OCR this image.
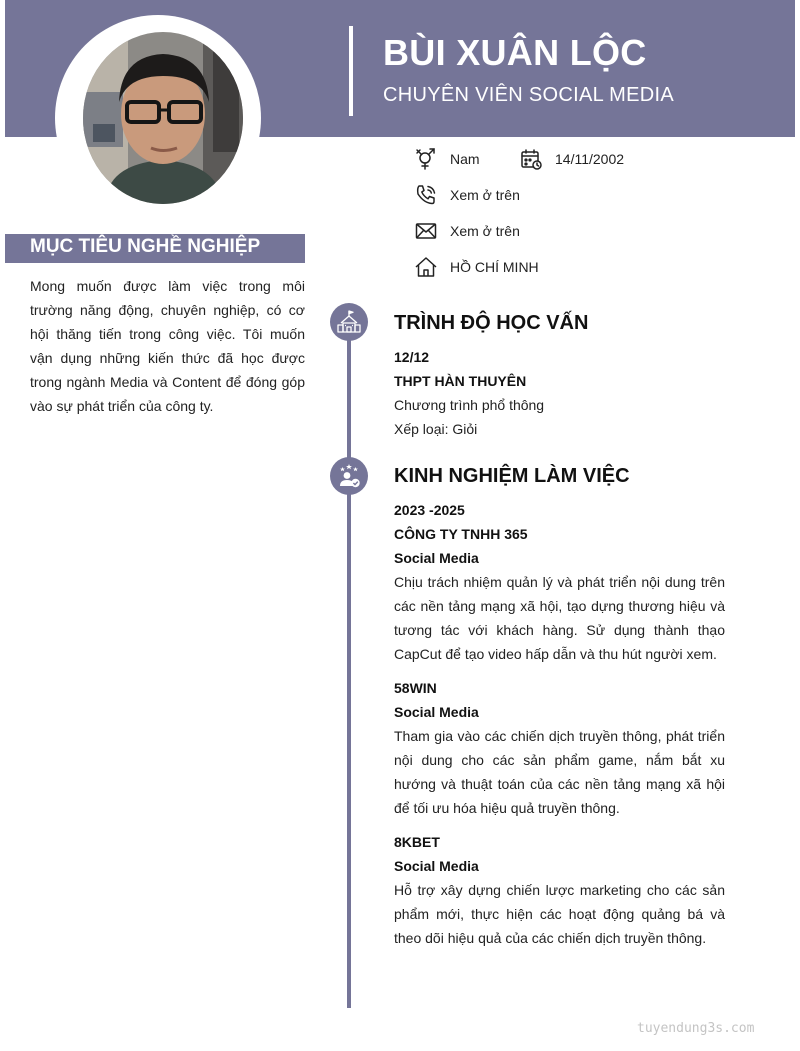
BÙI XUÂN LỘC
CHUYÊN VIÊN SOCIAL MEDIA
Nam	14/11/2002
Xem ở trên
Xem ở trên
HỒ CHÍ MINH
MỤC TIÊU NGHỀ NGHIỆP
Mong muốn được làm việc trong môi trường năng động, chuyên nghiệp, có cơ hội thăng tiến trong công việc. Tôi muốn vận dụng những kiến thức đã học được trong ngành Media và Content để đóng góp vào sự phát triển của công ty.
TRÌNH ĐỘ HỌC VẤN
12/12
THPT HÀN THUYÊN
Chương trình phổ thông
Xếp loại: Giỏi
KINH NGHIỆM LÀM VIỆC
2023 -2025
CÔNG TY TNHH 365
Social Media
Chịu trách nhiệm quản lý và phát triển nội dung trên các nền tảng mạng xã hội, tạo dựng thương hiệu và tương tác với khách hàng. Sử dụng thành thạo CapCut để tạo video hấp dẫn và thu hút người xem.
58WIN
Social Media
Tham gia vào các chiến dịch truyền thông, phát triển nội dung cho các sản phẩm game, nắm bắt xu hướng và thuật toán của các nền tảng mạng xã hội để tối ưu hóa hiệu quả truyền thông.
8KBET
Social Media
Hỗ trợ xây dựng chiến lược marketing cho các sản phẩm mới, thực hiện các hoạt động quảng bá và theo dõi hiệu quả của các chiến dịch truyền thông.
tuyendung3s.com
